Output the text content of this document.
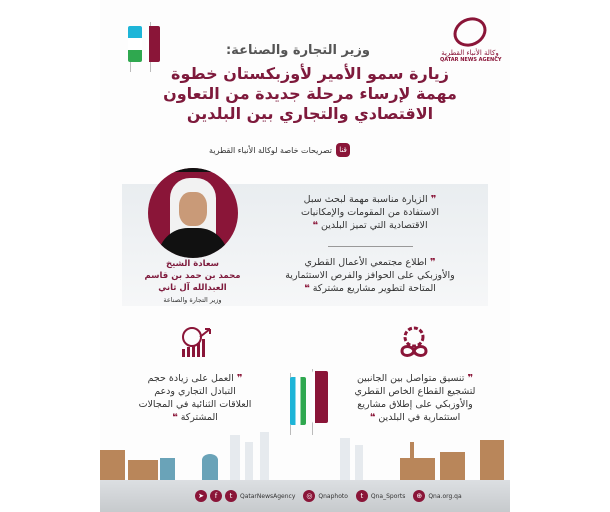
وكالة الأنباء القطرية
QATAR NEWS AGENCY
وزير التجارة والصناعة:
زيارة سمو الأمير لأوزبكستان خطوة
مهمة لإرساء مرحلة جديدة من التعاون
الاقتصادي والتجاري بين البلدين
قنا
تصريحات خاصة لوكالة الأنباء القطرية
سعادة الشيخ
محمد بن حمد بن قاسم
العبدالله آل ثاني
وزير التجارة والصناعة
❞ الزيارة مناسبة مهمة لبحث سبل
الاستفادة من المقومات والإمكانيات
الاقتصادية التي تميز البلدين ❝
❞ اطلاع مجتمعي الأعمال القطري
والأوزبكي على الحوافز والفرص الاستثمارية
المتاحة لتطوير مشاريع مشتركة ❝
❞ تنسيق متواصل بين الجانبين
لتشجيع القطاع الخاص القطري
والأوزبكي على إطلاق مشاريع
استثمارية في البلدين ❝
❞ العمل على زيادة حجم
التبادل التجاري ودعم
العلاقات الثنائية في المجالات
المشتركة ❝
➤	f	t	QatarNewsAgency	◎ Qnaphoto	t	Qna_Sports	⊕	Qna.org.qa
